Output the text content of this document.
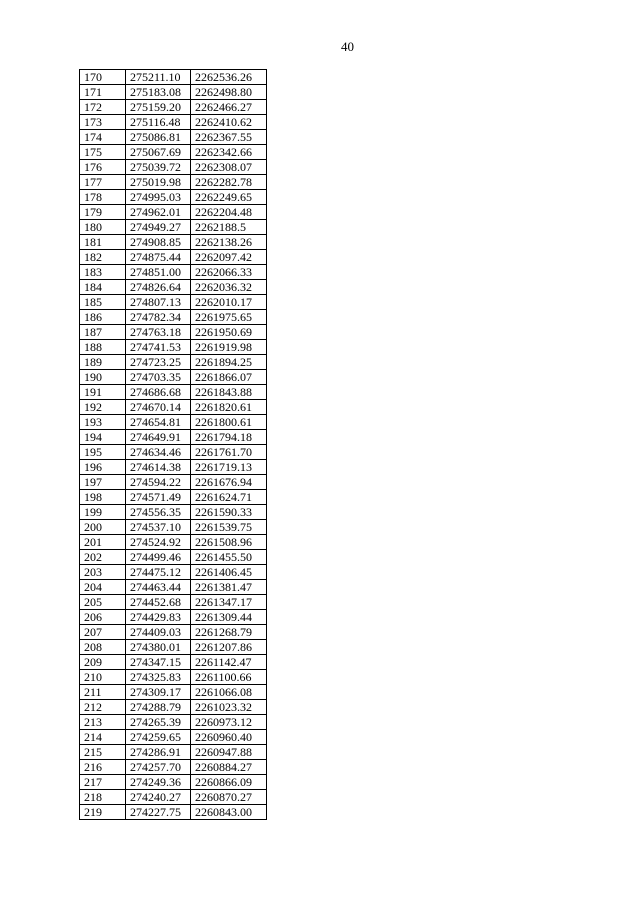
40
170	275211.10	2262536.26
171	275183.08	2262498.80
172	275159.20	2262466.27
173	275116.48	2262410.62
174	275086.81	2262367.55
175	275067.69	2262342.66
176	275039.72	2262308.07
177	275019.98	2262282.78
178	274995.03	2262249.65
179	274962.01	2262204.48
180	274949.27	2262188.5
181	274908.85	2262138.26
182	274875.44	2262097.42
183	274851.00	2262066.33
184	274826.64	2262036.32
185	274807.13	2262010.17
186	274782.34	2261975.65
187	274763.18	2261950.69
188	274741.53	2261919.98
189	274723.25	2261894.25
190	274703.35	2261866.07
191	274686.68	2261843.88
192	274670.14	2261820.61
193	274654.81	2261800.61
194	274649.91	2261794.18
195	274634.46	2261761.70
196	274614.38	2261719.13
197	274594.22	2261676.94
198	274571.49	2261624.71
199	274556.35	2261590.33
200	274537.10	2261539.75
201	274524.92	2261508.96
202	274499.46	2261455.50
203	274475.12	2261406.45
204	274463.44	2261381.47
205	274452.68	2261347.17
206	274429.83	2261309.44
207	274409.03	2261268.79
208	274380.01	2261207.86
209	274347.15	2261142.47
210	274325.83	2261100.66
211	274309.17	2261066.08
212	274288.79	2261023.32
213	274265.39	2260973.12
214	274259.65	2260960.40
215	274286.91	2260947.88
216	274257.70	2260884.27
217	274249.36	2260866.09
218	274240.27	2260870.27
219	274227.75	2260843.00
